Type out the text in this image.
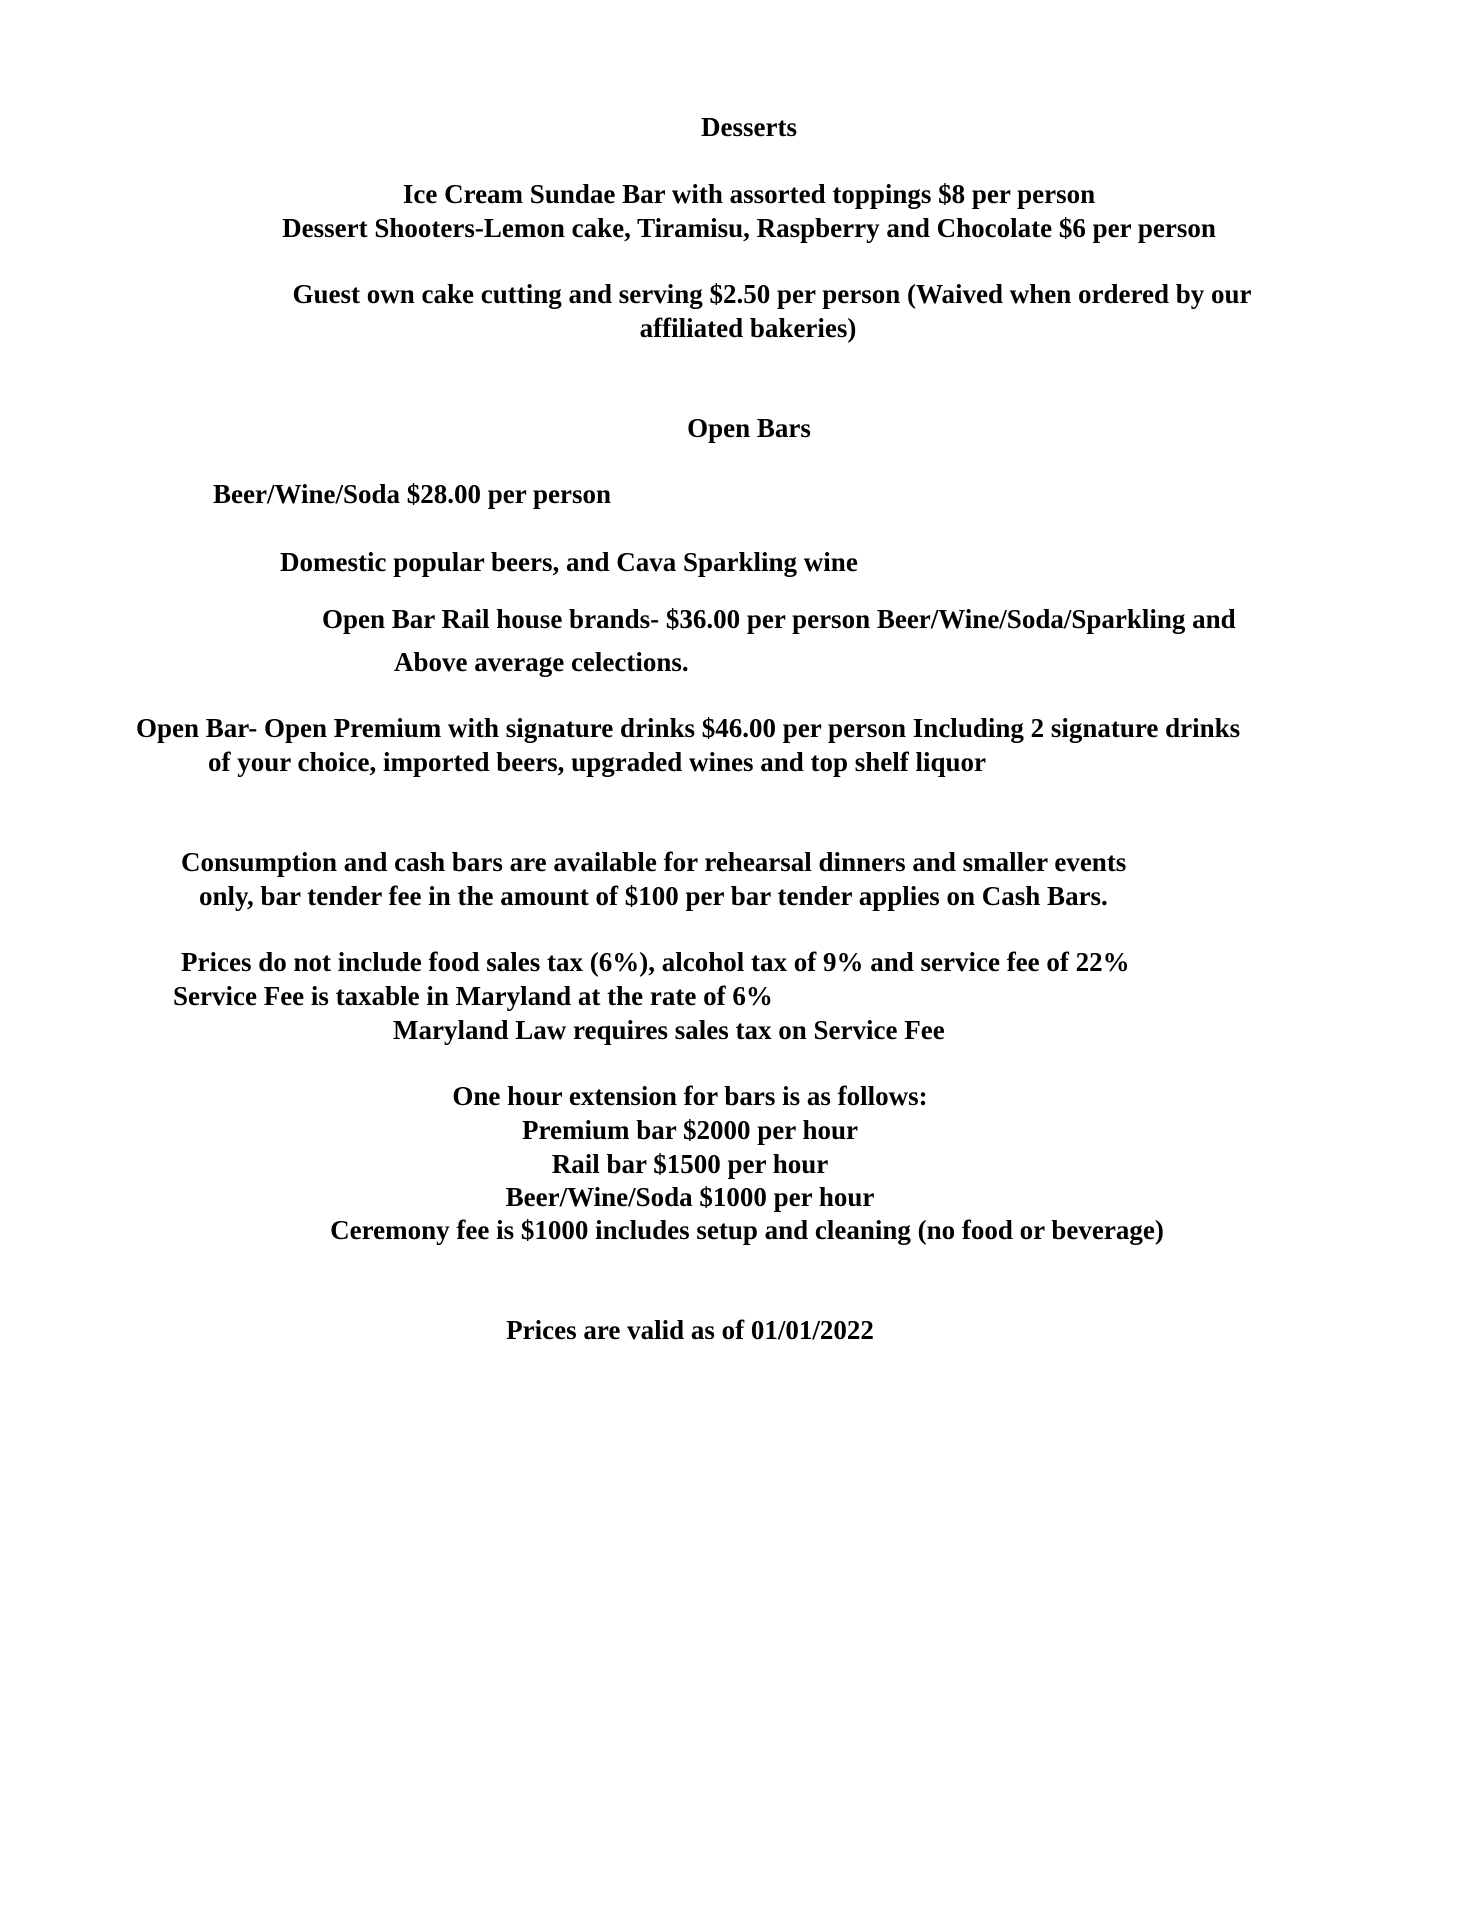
Desserts
Ice Cream Sundae Bar with assorted toppings $8 per person
Dessert Shooters-Lemon cake, Tiramisu, Raspberry and Chocolate $6 per person
Guest own cake cutting and serving $2.50 per person (Waived when ordered by our
affiliated bakeries)
Open Bars
Beer/Wine/Soda $28.00 per person
Domestic popular beers, and Cava Sparkling wine
Open Bar Rail house brands- $36.00 per person Beer/Wine/Soda/Sparkling and
Above average celections.
Open Bar- Open Premium with signature drinks $46.00 per person Including 2 signature drinks
of your choice, imported beers, upgraded wines and top shelf liquor
Consumption and cash bars are available for rehearsal dinners and smaller events
only, bar tender fee in the amount of $100 per bar tender applies on Cash Bars.
Prices do not include food sales tax (6%), alcohol tax of 9% and service fee of 22%
Service Fee is taxable in Maryland at the rate of 6%
Maryland Law requires sales tax on Service Fee
One hour extension for bars is as follows:
Premium bar $2000 per hour
Rail bar $1500 per hour
Beer/Wine/Soda $1000 per hour
Ceremony fee is $1000 includes setup and cleaning (no food or beverage)
Prices are valid as of 01/01/2022
